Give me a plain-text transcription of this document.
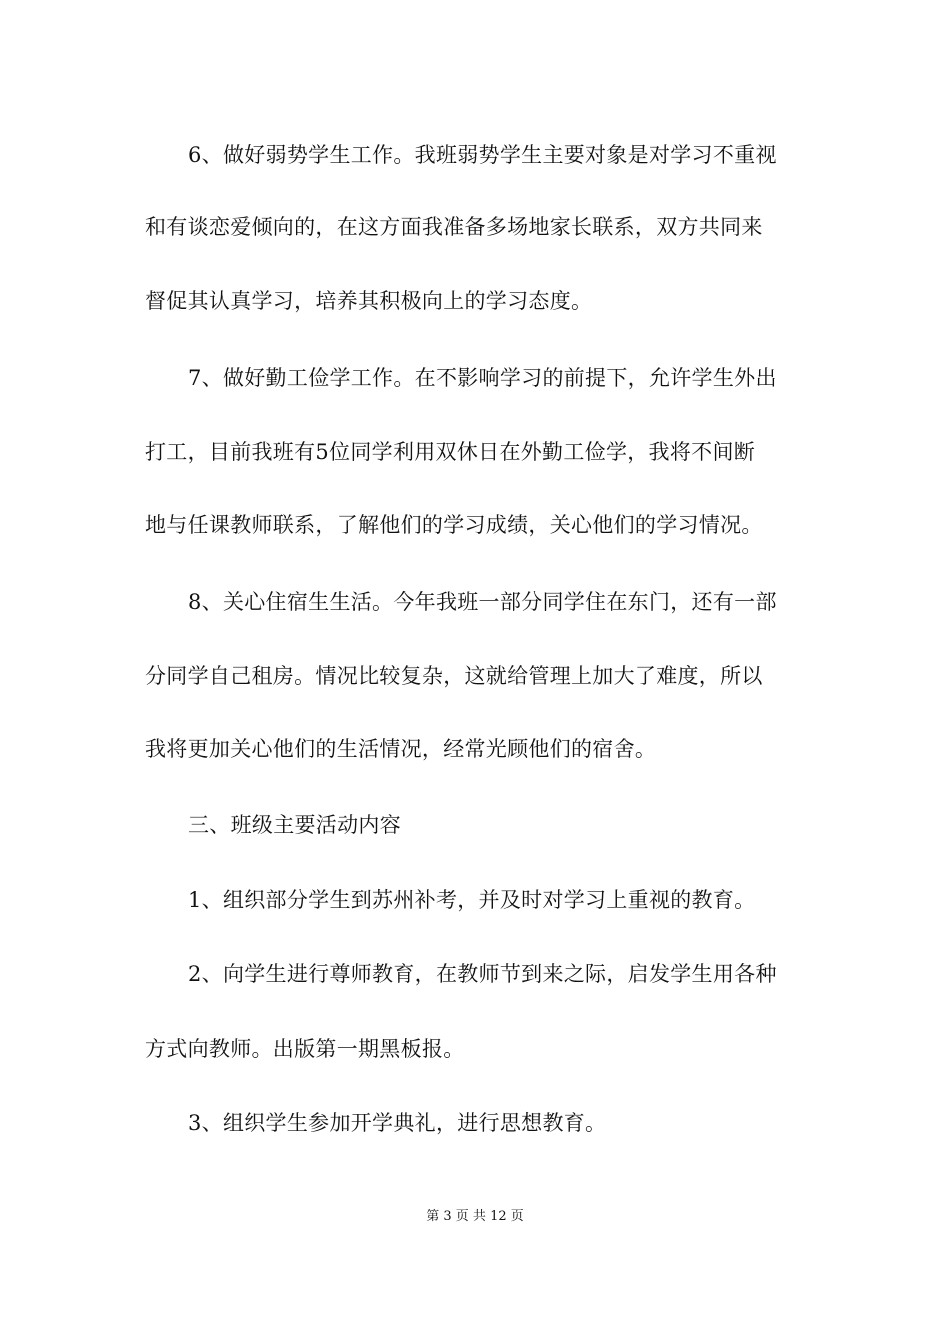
6、做好弱势学生工作。我班弱势学生主要对象是对学习不重视
和有谈恋爱倾向的，在这方面我准备多场地家长联系，双方共同来
督促其认真学习，培养其积极向上的学习态度。
7、做好勤工俭学工作。在不影响学习的前提下，允许学生外出
打工，目前我班有5位同学利用双休日在外勤工俭学，我将不间断
地与任课教师联系，了解他们的学习成绩，关心他们的学习情况。
8、关心住宿生生活。今年我班一部分同学住在东门，还有一部
分同学自己租房。情况比较复杂，这就给管理上加大了难度，所以
我将更加关心他们的生活情况，经常光顾他们的宿舍。
三、班级主要活动内容
1、组织部分学生到苏州补考，并及时对学习上重视的教育。
2、向学生进行尊师教育，在教师节到来之际，启发学生用各种
方式向教师。出版第一期黑板报。
3、组织学生参加开学典礼，进行思想教育。
第 3 页 共 12 页
